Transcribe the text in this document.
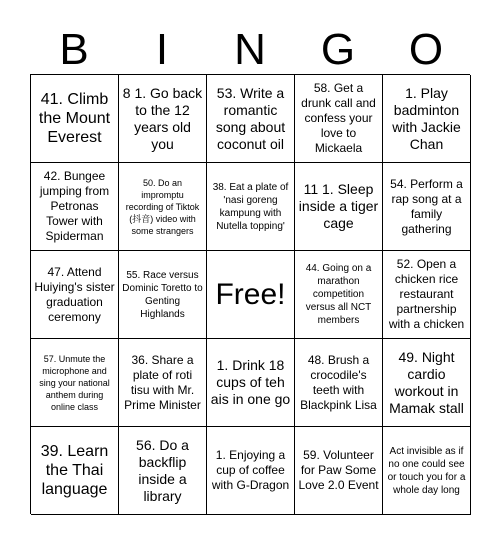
B	I	N	G	O
41. Climb the Mount Everest
8 1. Go back to the 12 years old you
53. Write a romantic song about coconut oil
58. Get a drunk call and confess your love to Mickaela
1. Play badminton with Jackie Chan
42. Bungee jumping from Petronas Tower with Spiderman
50. Do an impromptu recording of Tiktok (抖音) video with some strangers
38. Eat a plate of 'nasi goreng kampung with Nutella topping'
11 1. Sleep inside a tiger cage
54. Perform a rap song at a family gathering
47. Attend Huiying's sister graduation ceremony
55. Race versus Dominic Toretto to Genting Highlands
Free!
44. Going on a marathon competition versus all NCT members
52. Open a chicken rice restaurant partnership with a chicken
57. Unmute the microphone and sing your national anthem during online class
36. Share a plate of roti tisu with Mr. Prime Minister
1. Drink 18 cups of teh ais in one go
48. Brush a crocodile's teeth with Blackpink Lisa
49. Night cardio workout in Mamak stall
39. Learn the Thai language
56. Do a backflip inside a library
1. Enjoying a cup of coffee with G-Dragon
59. Volunteer for Paw Some Love 2.0 Event
Act invisible as if no one could see or touch you for a whole day long
